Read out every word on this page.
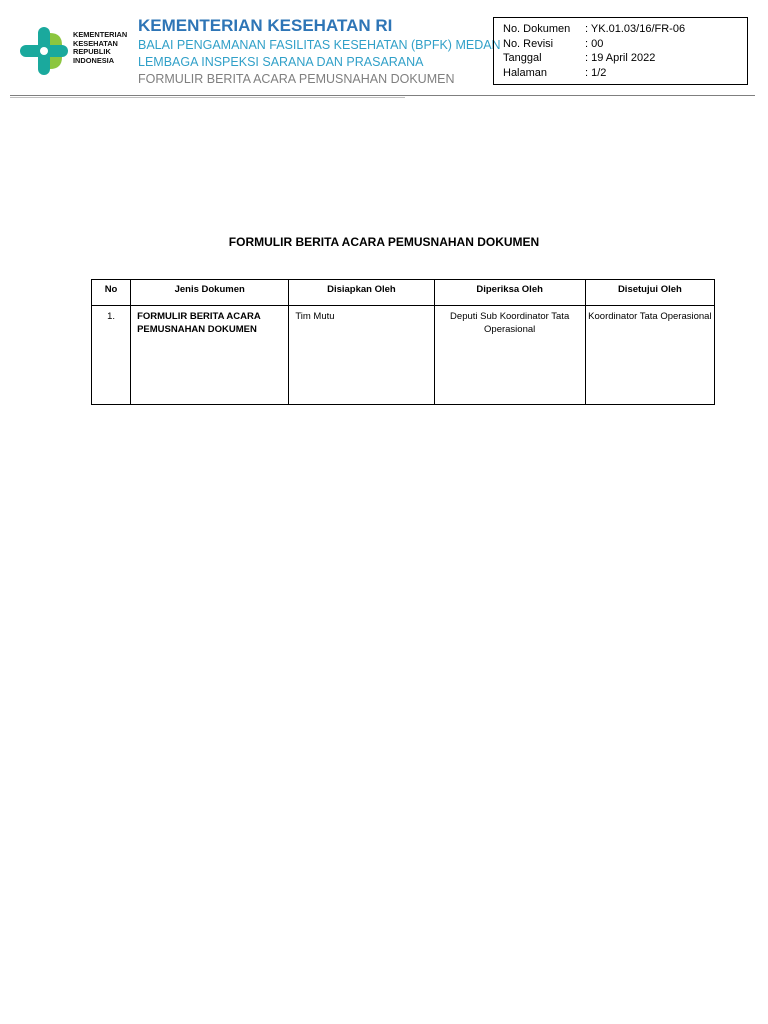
KEMENTERIAN
KESEHATAN
REPUBLIK
INDONESIA
KEMENTERIAN KESEHATAN RI
BALAI PENGAMANAN FASILITAS KESEHATAN (BPFK) MEDAN
LEMBAGA INSPEKSI SARANA DAN PRASARANA
FORMULIR BERITA ACARA PEMUSNAHAN DOKUMEN
No. Dokumen	: YK.01.03/16/FR-06
No. Revisi	: 00
Tanggal	: 19 April 2022
Halaman	: 1/2
FORMULIR BERITA ACARA PEMUSNAHAN DOKUMEN
No	Jenis Dokumen	Disiapkan Oleh	Diperiksa Oleh	Disetujui Oleh
1.	FORMULIR BERITA ACARA PEMUSNAHAN DOKUMEN	Tim Mutu	Deputi Sub Koordinator Tata Operasional	Koordinator Tata Operasional
